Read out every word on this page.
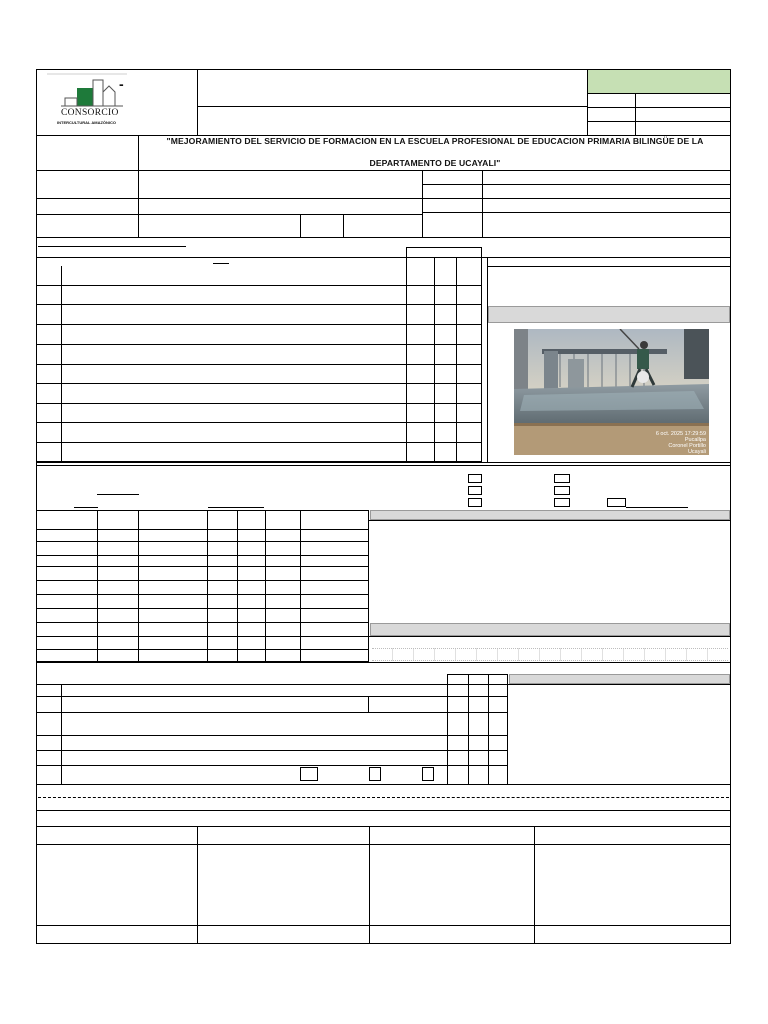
-
CONSORCIO
INTERCULTURAL AMAZÓNICO
"MEJORAMIENTO DEL SERVICIO DE FORMACION EN LA ESCUELA PROFESIONAL DE EDUCACION PRIMARIA BILINGÜE DE LA
DEPARTAMENTO DE UCAYALI"
6 oct. 2025 17:29:59
Pucallpa
Coronel Portillo
Ucayali
